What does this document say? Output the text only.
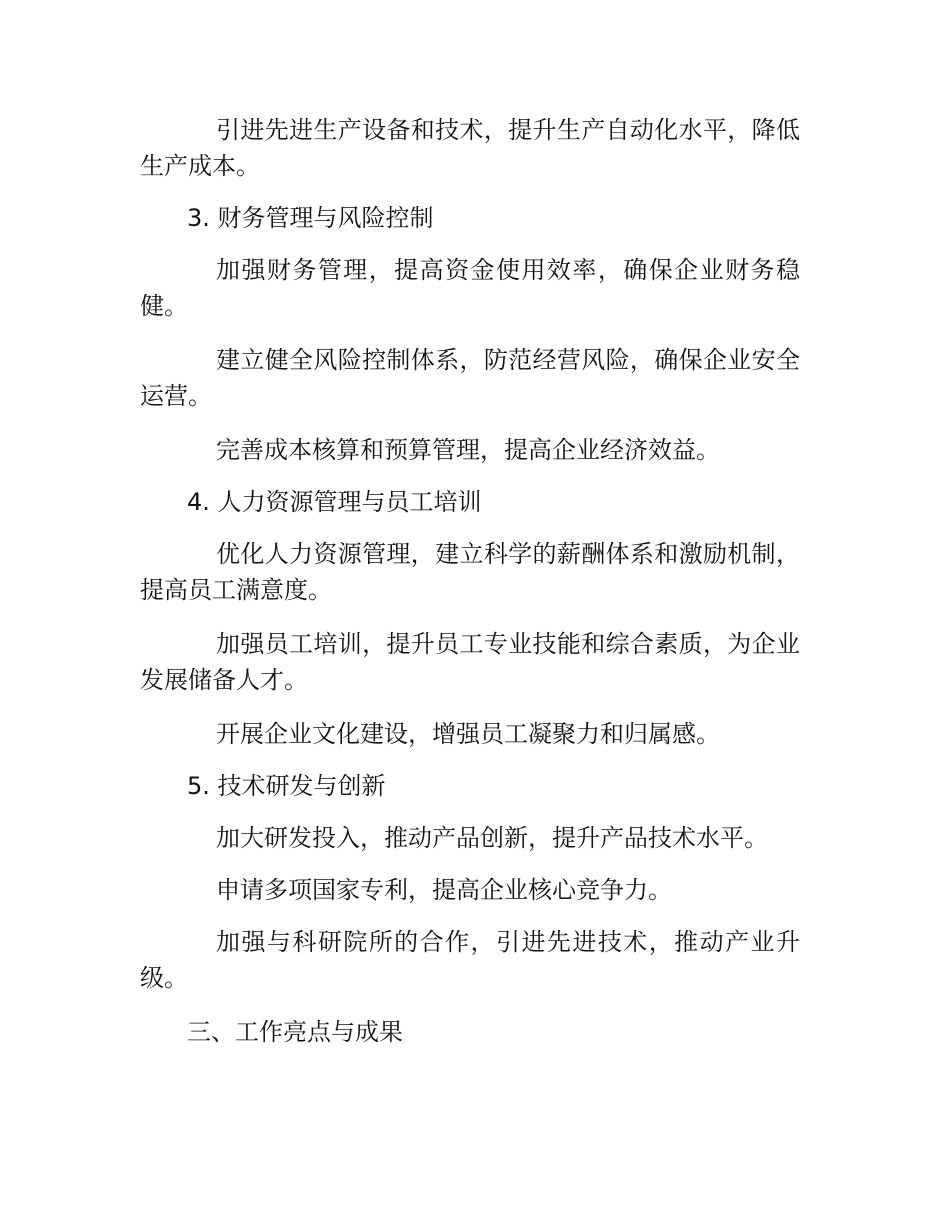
引进先进生产设备和技术，提升生产自动化水平，降低生产成本。

3. 财务管理与风险控制

加强财务管理，提高资金使用效率，确保企业财务稳健。

建立健全风险控制体系，防范经营风险，确保企业安全运营。

完善成本核算和预算管理，提高企业经济效益。

4. 人力资源管理与员工培训

优化人力资源管理，建立科学的薪酬体系和激励机制，提高员工满意度。

加强员工培训，提升员工专业技能和综合素质，为企业发展储备人才。

开展企业文化建设，增强员工凝聚力和归属感。

5. 技术研发与创新

加大研发投入，推动产品创新，提升产品技术水平。

申请多项国家专利，提高企业核心竞争力。

加强与科研院所的合作，引进先进技术，推动产业升级。

三、工作亮点与成果
